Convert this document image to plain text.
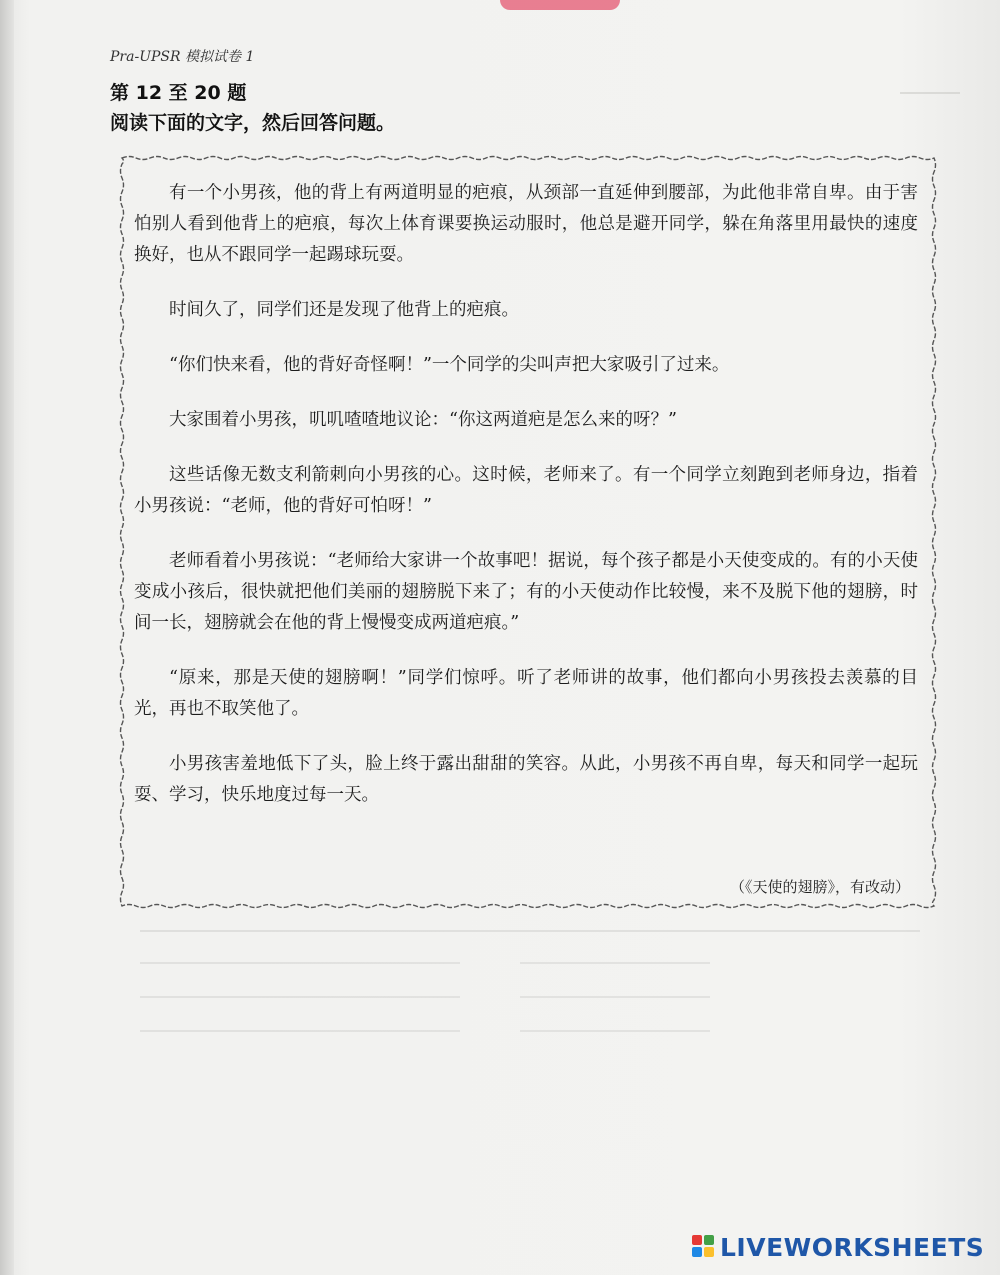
Pra-UPSR 模拟试卷 1
第 12 至 20 题
阅读下面的文字，然后回答问题。

有一个小男孩，他的背上有两道明显的疤痕，从颈部一直延伸到腰部，为此他非常自卑。由于害怕别人看到他背上的疤痕，每次上体育课要换运动服时，他总是避开同学，躲在角落里用最快的速度换好，也从不跟同学一起踢球玩耍。

时间久了，同学们还是发现了他背上的疤痕。

“你们快来看，他的背好奇怪啊！”一个同学的尖叫声把大家吸引了过来。

大家围着小男孩，叽叽喳喳地议论：“你这两道疤是怎么来的呀？”

这些话像无数支利箭刺向小男孩的心。这时候，老师来了。有一个同学立刻跑到老师身边，指着小男孩说：“老师，他的背好可怕呀！”

老师看着小男孩说：“老师给大家讲一个故事吧！据说，每个孩子都是小天使变成的。有的小天使变成小孩后，很快就把他们美丽的翅膀脱下来了；有的小天使动作比较慢，来不及脱下他的翅膀，时间一长，翅膀就会在他的背上慢慢变成两道疤痕。”

“原来，那是天使的翅膀啊！”同学们惊呼。听了老师讲的故事，他们都向小男孩投去羡慕的目光，再也不取笑他了。

小男孩害羞地低下了头，脸上终于露出甜甜的笑容。从此，小男孩不再自卑，每天和同学一起玩耍、学习，快乐地度过每一天。

（《天使的翅膀》，有改动）
LIVEWORKSHEETS
